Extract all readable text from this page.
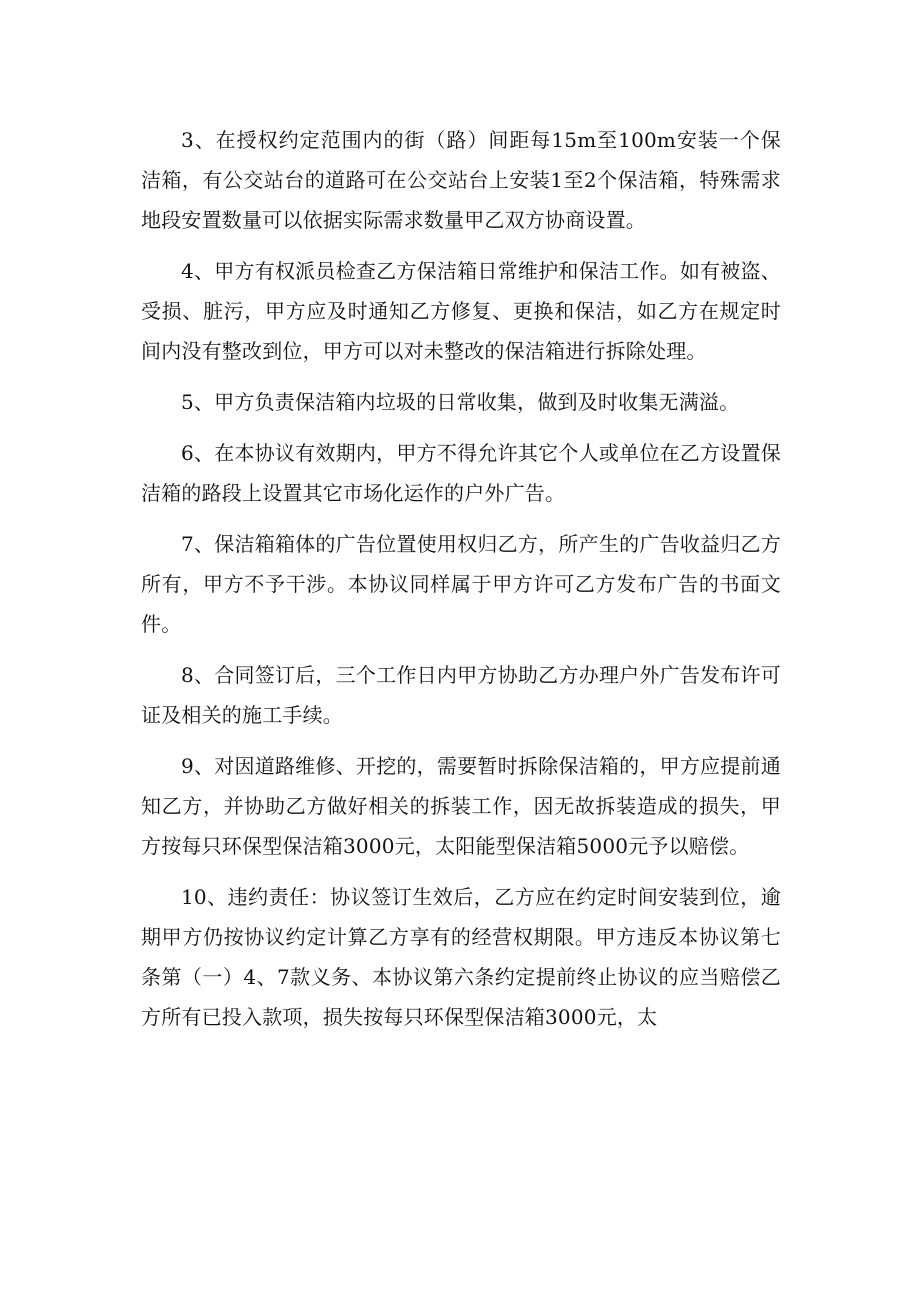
3、在授权约定范围内的街（路）间距每15m至100m安装一个保洁箱，有公交站台的道路可在公交站台上安装1至2个保洁箱，特殊需求地段安置数量可以依据实际需求数量甲乙双方协商设置。

4、甲方有权派员检查乙方保洁箱日常维护和保洁工作。如有被盗、受损、脏污，甲方应及时通知乙方修复、更换和保洁，如乙方在规定时间内没有整改到位，甲方可以对未整改的保洁箱进行拆除处理。

5、甲方负责保洁箱内垃圾的日常收集，做到及时收集无满溢。

6、在本协议有效期内，甲方不得允许其它个人或单位在乙方设置保洁箱的路段上设置其它市场化运作的户外广告。

7、保洁箱箱体的广告位置使用权归乙方，所产生的广告收益归乙方所有，甲方不予干涉。本协议同样属于甲方许可乙方发布广告的书面文件。

8、合同签订后，三个工作日内甲方协助乙方办理户外广告发布许可证及相关的施工手续。

9、对因道路维修、开挖的，需要暂时拆除保洁箱的，甲方应提前通知乙方，并协助乙方做好相关的拆装工作，因无故拆装造成的损失，甲方按每只环保型保洁箱3000元，太阳能型保洁箱5000元予以赔偿。

10、违约责任：协议签订生效后，乙方应在约定时间安装到位，逾期甲方仍按协议约定计算乙方享有的经营权期限。甲方违反本协议第七条第（一）4、7款义务、本协议第六条约定提前终止协议的应当赔偿乙方所有已投入款项，损失按每只环保型保洁箱3000元，太
